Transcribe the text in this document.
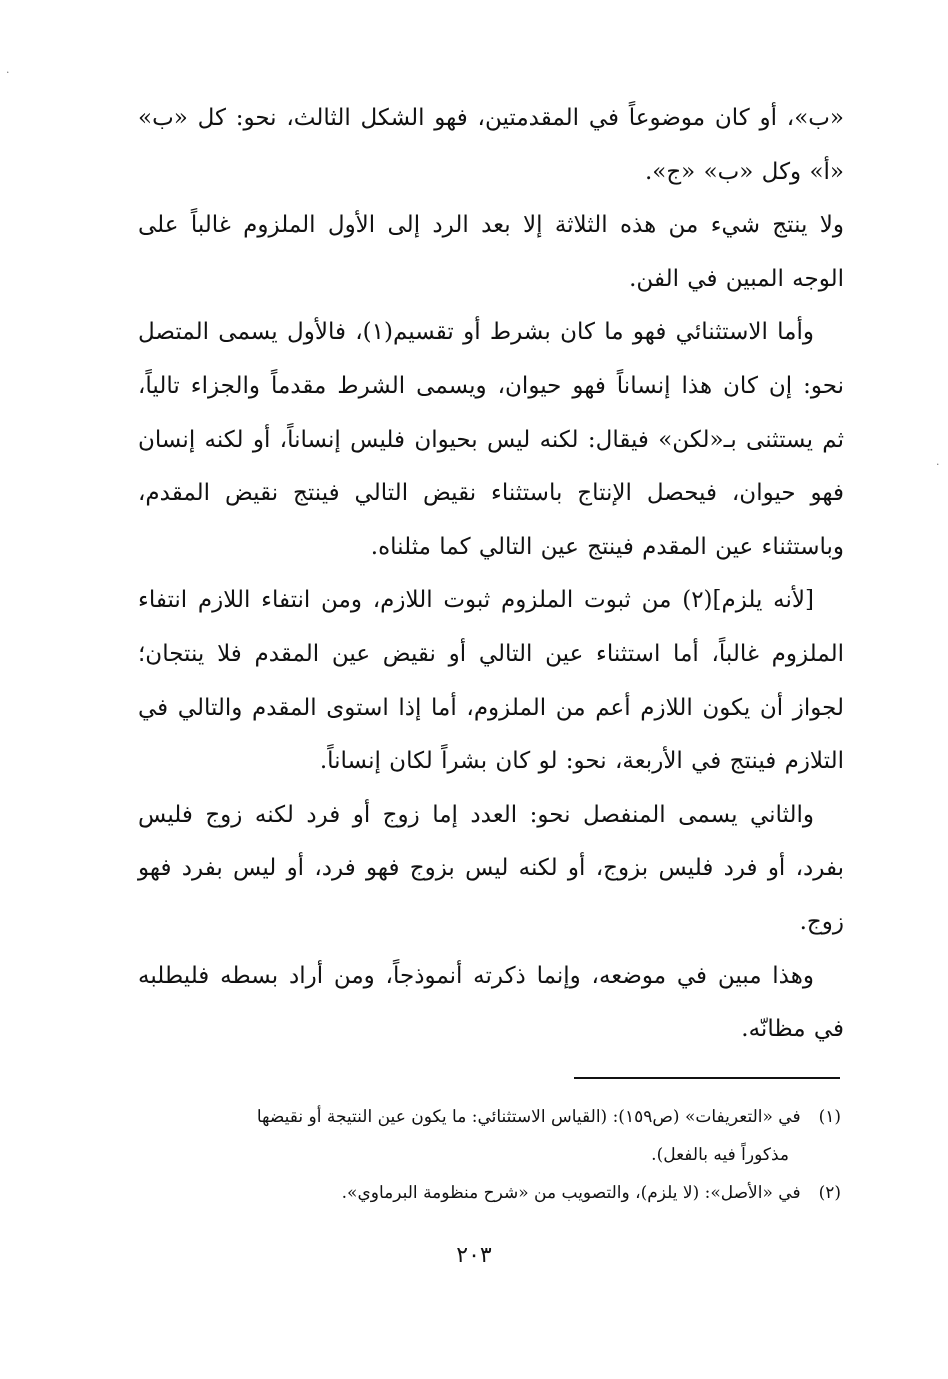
·
·

«ب»، أو كان موضوعاً في المقدمتين، فهو الشكل الثالث، نحو: كل «ب» «أ» وكل «ب» «ج».

ولا ينتج شيء من هذه الثلاثة إلا بعد الرد إلى الأول الملزوم غالباً على الوجه المبين في الفن.

وأما الاستثنائي فهو ما كان بشرط أو تقسيم(١)، فالأول يسمى المتصل نحو: إن كان هذا إنساناً فهو حيوان، ويسمى الشرط مقدماً والجزاء تالياً، ثم يستثنى بـ«لكن» فيقال: لكنه ليس بحيوان فليس إنساناً، أو لكنه إنسان فهو حيوان، فيحصل الإنتاج باستثناء نقيض التالي فينتج نقيض المقدم، وباستثناء عين المقدم فينتج عين التالي كما مثلناه.

[لأنه يلزم](٢) من ثبوت الملزوم ثبوت اللازم، ومن انتفاء اللازم انتفاء الملزوم غالباً، أما استثناء عين التالي أو نقيض عين المقدم فلا ينتجان؛ لجواز أن يكون اللازم أعم من الملزوم، أما إذا استوى المقدم والتالي في التلازم فينتج في الأربعة، نحو: لو كان بشراً لكان إنساناً.

والثاني يسمى المنفصل نحو: العدد إما زوج أو فرد لكنه زوج فليس بفرد، أو فرد فليس بزوج، أو لكنه ليس بزوج فهو فرد، أو ليس بفرد فهو زوج.

وهذا مبين في موضعه، وإنما ذكرته أنموذجاً، ومن أراد بسطه فليطلبه في مظانّه.

(١)في «التعريفات» (ص١٥٩): (القياس الاستثنائي: ما يكون عين النتيجة أو نقيضها

مذكوراً فيه بالفعل).

(٢)في «الأصل»: (لا يلزم)، والتصويب من «شرح منظومة البرماوي».

٢٠٣
